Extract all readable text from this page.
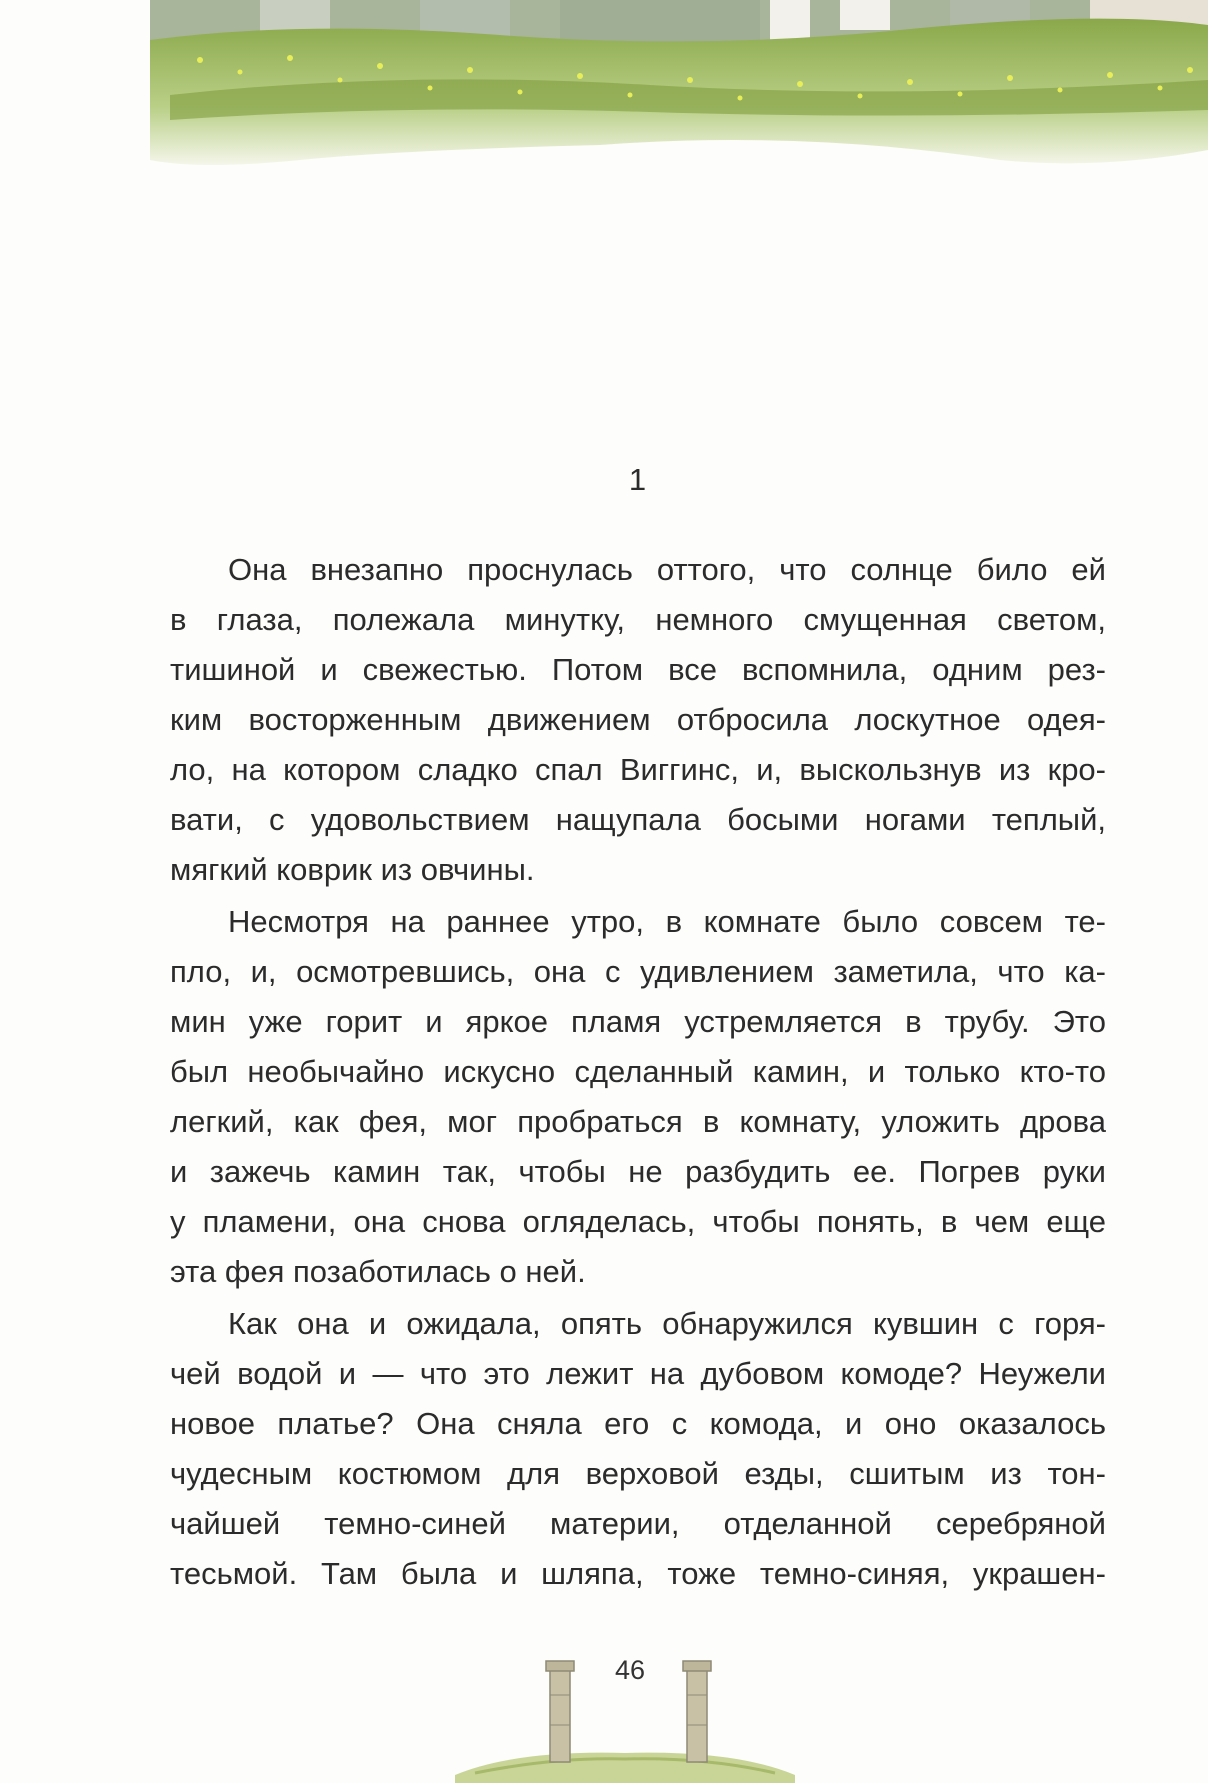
1
Она внезапно проснулась оттого, что солнце било ей
в глаза, полежала минутку, немного смущенная светом,
тишиной и свежестью. Потом все вспомнила, одним рез-
ким восторженным движением отбросила лоскутное одея-
ло, на котором сладко спал Виггинс, и, выскользнув из кро-
вати, с удовольствием нащупала босыми ногами теплый,
мягкий коврик из овчины.
Несмотря на раннее утро, в комнате было совсем те-
пло, и, осмотревшись, она с удивлением заметила, что ка-
мин уже горит и яркое пламя устремляется в трубу. Это
был необычайно искусно сделанный камин, и только кто-то
легкий, как фея, мог пробраться в комнату, уложить дрова
и зажечь камин так, чтобы не разбудить ее. Погрев руки
у пламени, она снова огляделась, чтобы понять, в чем еще
эта фея позаботилась о ней.
Как она и ожидала, опять обнаружился кувшин с горя-
чей водой и — что это лежит на дубовом комоде? Неужели
новое платье? Она сняла его с комода, и оно оказалось
чудесным костюмом для верховой езды, сшитым из тон-
чайшей темно-синей материи, отделанной серебряной
тесьмой. Там была и шляпа, тоже темно-синяя, украшен-
46
